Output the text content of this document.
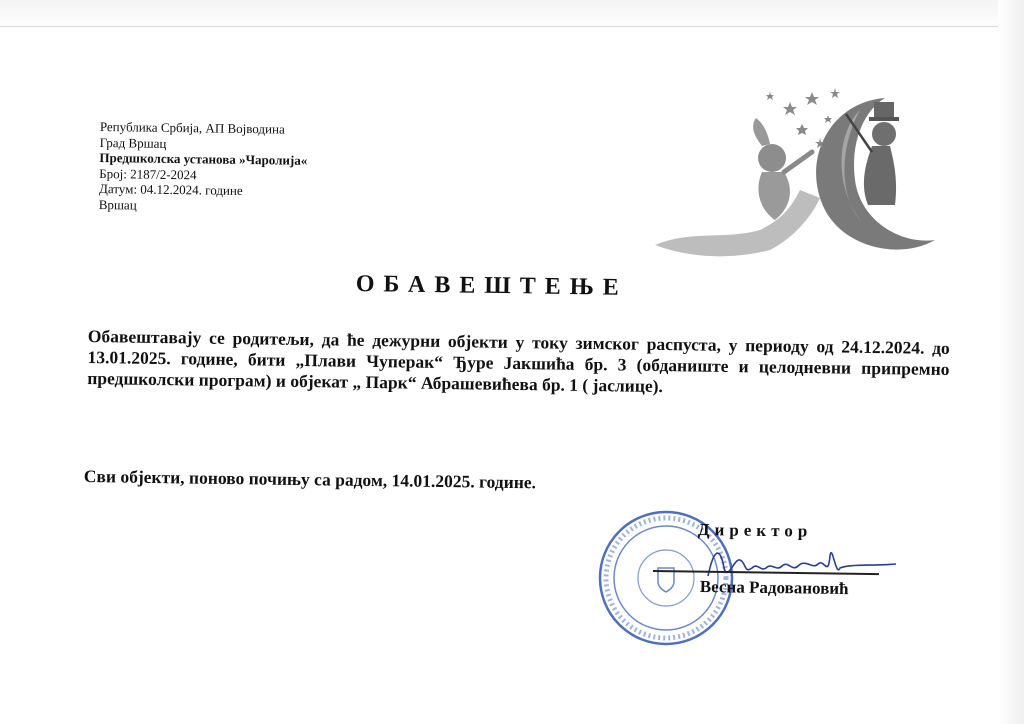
Република Србија, АП Војводина
Град Вршац
Предшколска установа »Чаролија«
Број: 2187/2-2024
Датум: 04.12.2024. године
Вршац
ОБАВЕШТЕЊЕ
Обавештавају се родитељи, да ће дежурни објекти у току зимског распуста, у периоду од 24.12.2024. до 13.01.2025. године, бити „Плави Чуперак“ Ђуре Јакшића бр. 3 (обданиште и целодневни припремно предшколски програм) и објекат „ Парк“ Абрашевићева бр. 1 ( јаслице).
Сви објекти, поново почињу са радом, 14.01.2025. године.
Директор
Весна Радовановић
